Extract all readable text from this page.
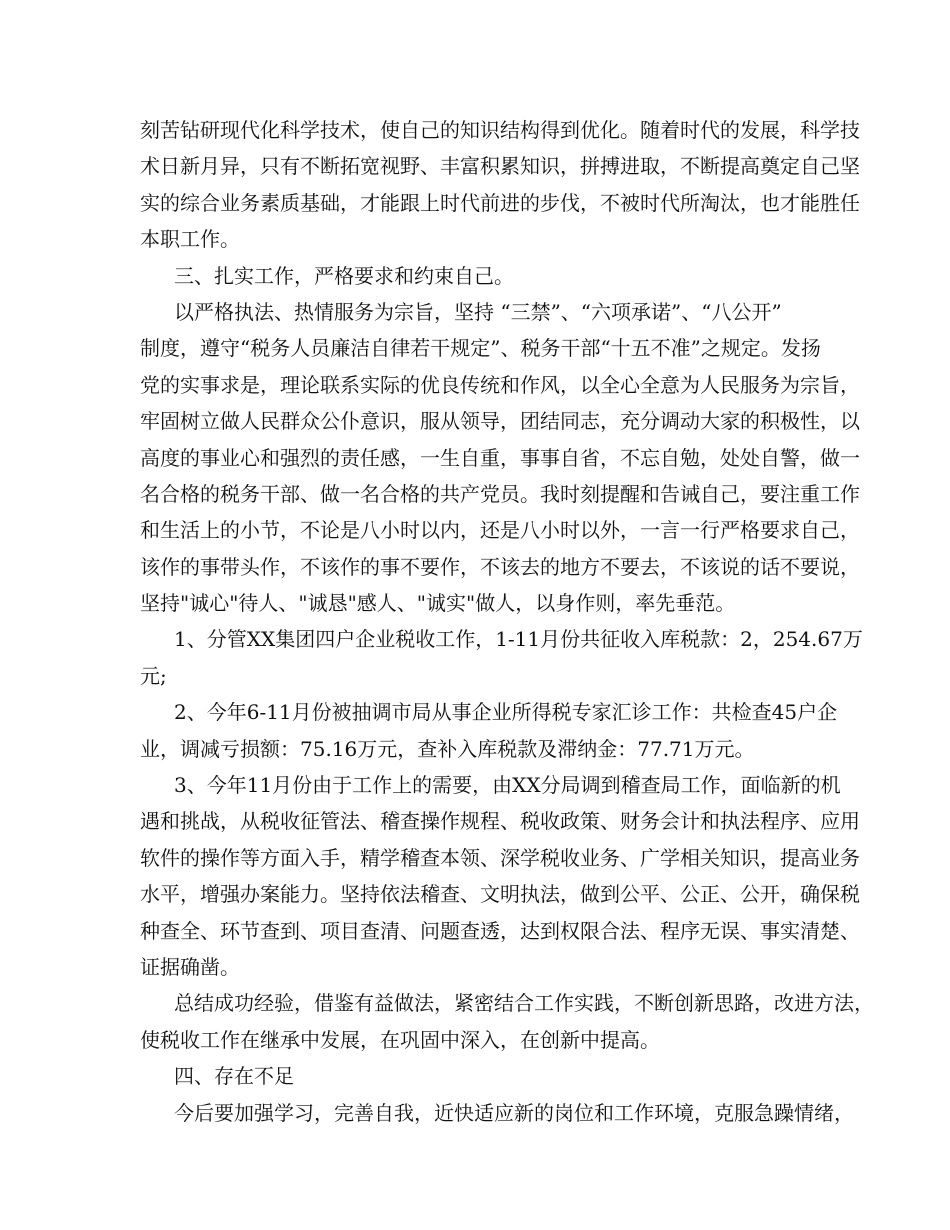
刻苦钻研现代化科学技术，使自己的知识结构得到优化。随着时代的发展，科学技
术日新月异，只有不断拓宽视野、丰富积累知识，拼搏进取，不断提高奠定自己坚
实的综合业务素质基础，才能跟上时代前进的步伐，不被时代所淘汰，也才能胜任
本职工作。
三、扎实工作，严格要求和约束自己。
以严格执法、热情服务为宗旨，坚持 “三禁”、“六项承诺”、“八公开”
制度，遵守“税务人员廉洁自律若干规定”、税务干部“十五不准”之规定。发扬
党的实事求是，理论联系实际的优良传统和作风，以全心全意为人民服务为宗旨，
牢固树立做人民群众公仆意识，服从领导，团结同志，充分调动大家的积极性，以
高度的事业心和强烈的责任感，一生自重，事事自省，不忘自勉，处处自警，做一
名合格的税务干部、做一名合格的共产党员。我时刻提醒和告诫自己，要注重工作
和生活上的小节，不论是八小时以内，还是八小时以外，一言一行严格要求自己，
该作的事带头作，不该作的事不要作，不该去的地方不要去，不该说的话不要说，
坚持"诚心"待人、"诚恳"感人、"诚实"做人，以身作则，率先垂范。
1、分管XX集团四户企业税收工作，1-11月份共征收入库税款：2，254.67万
元;
2、今年6-11月份被抽调市局从事企业所得税专家汇诊工作：共检查45户企
业，调减亏损额：75.16万元，查补入库税款及滞纳金：77.71万元。
3、今年11月份由于工作上的需要，由XX分局调到稽查局工作，面临新的机
遇和挑战，从税收征管法、稽查操作规程、税收政策、财务会计和执法程序、应用
软件的操作等方面入手，精学稽查本领、深学税收业务、广学相关知识，提高业务
水平，增强办案能力。坚持依法稽查、文明执法，做到公平、公正、公开，确保税
种查全、环节查到、项目查清、问题查透，达到权限合法、程序无误、事实清楚、
证据确凿。
总结成功经验，借鉴有益做法，紧密结合工作实践，不断创新思路，改进方法，
使税收工作在继承中发展，在巩固中深入，在创新中提高。
四、存在不足
今后要加强学习，完善自我，近快适应新的岗位和工作环境，克服急躁情绪，
